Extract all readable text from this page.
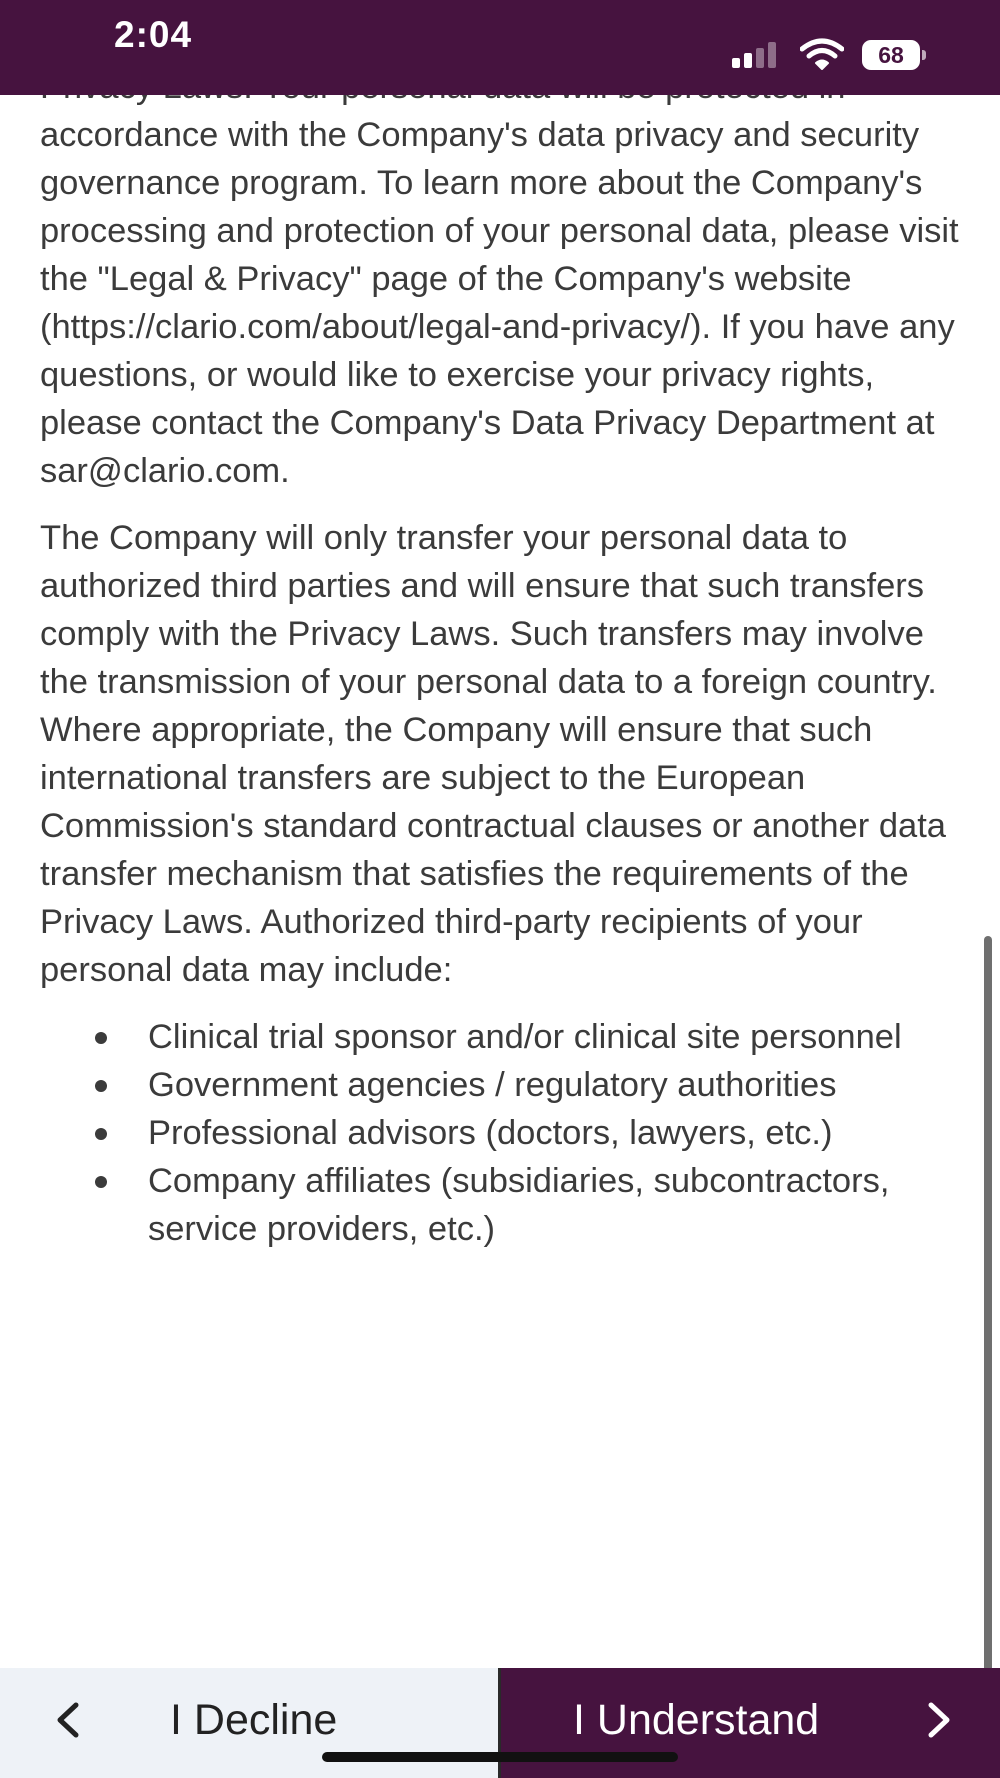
2:04	68

accordance with the Company's data privacy and security governance program. To learn more about the Company's processing and protection of your personal data, please visit the "Legal & Privacy" page of the Company's website (https://clario.com/about/legal-and-privacy/). If you have any questions, or would like to exercise your privacy rights, please contact the Company's Data Privacy Department at sar@clario.com.

The Company will only transfer your personal data to authorized third parties and will ensure that such transfers comply with the Privacy Laws. Such transfers may involve the transmission of your personal data to a foreign country. Where appropriate, the Company will ensure that such international transfers are subject to the European Commission's standard contractual clauses or another data transfer mechanism that satisfies the requirements of the Privacy Laws. Authorized third-party recipients of your personal data may include:

Clinical trial sponsor and/or clinical site personnel
Government agencies / regulatory authorities
Professional advisors (doctors, lawyers, etc.)
Company affiliates (subsidiaries, subcontractors, service providers, etc.)
I Decline	I Understand
